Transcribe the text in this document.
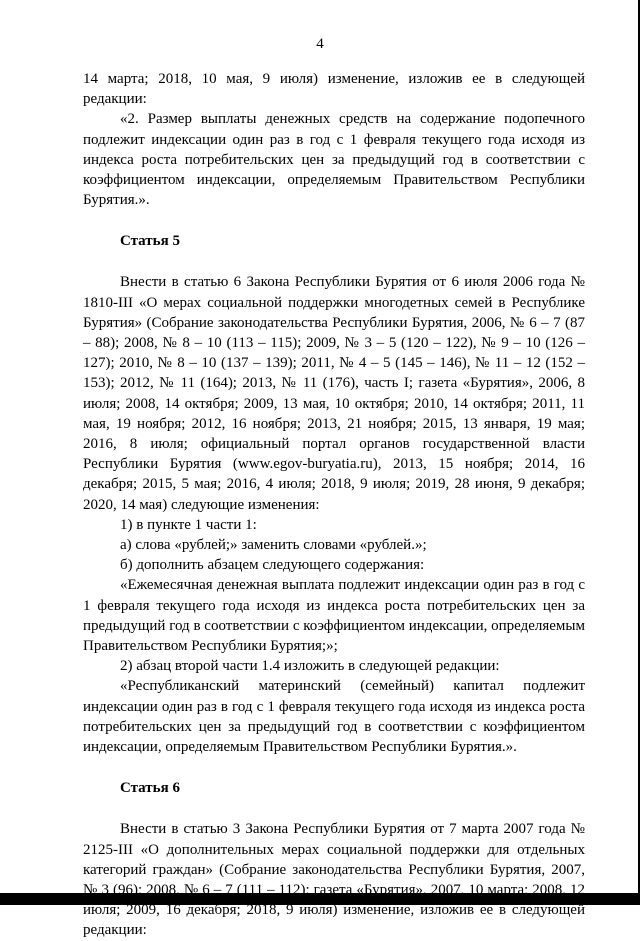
4

14 марта; 2018, 10 мая, 9 июля) изменение, изложив ее в следующей редакции:

«2. Размер выплаты денежных средств на содержание подопечного подлежит индексации один раз в год с 1 февраля текущего года исходя из индекса роста потребительских цен за предыдущий год в соответствии с коэффициентом индексации, определяемым Правительством Республики Бурятия.».

Статья 5

Внести в статью 6 Закона Республики Бурятия от 6 июля 2006 года № 1810-III «О мерах социальной поддержки многодетных семей в Республике Бурятия» (Собрание законодательства Республики Бурятия, 2006, № 6 – 7 (87 – 88); 2008, № 8 – 10 (113 – 115); 2009, № 3 – 5 (120 – 122), № 9 – 10 (126 – 127); 2010, № 8 – 10 (137 – 139); 2011, № 4 – 5 (145 – 146), № 11 – 12 (152 – 153); 2012, № 11 (164); 2013, № 11 (176), часть I; газета «Бурятия», 2006, 8 июля; 2008, 14 октября; 2009, 13 мая, 10 октября; 2010, 14 октября; 2011, 11 мая, 19 ноября; 2012, 16 ноября; 2013, 21 ноября; 2015, 13 января, 19 мая; 2016, 8 июля; официальный портал органов государственной власти Республики Бурятия (www.egov-buryatia.ru), 2013, 15 ноября; 2014, 16 декабря; 2015, 5 мая; 2016, 4 июля; 2018, 9 июля; 2019, 28 июня, 9 декабря; 2020, 14 мая) следующие изменения:

1) в пункте 1 части 1:

а) слова «рублей;» заменить словами «рублей.»;

б) дополнить абзацем следующего содержания:

«Ежемесячная денежная выплата подлежит индексации один раз в год с 1 февраля текущего года исходя из индекса роста потребительских цен за предыдущий год в соответствии с коэффициентом индексации, определяемым Правительством Республики Бурятия;»;

2) абзац второй части 1.4 изложить в следующей редакции:

«Республиканский материнский (семейный) капитал подлежит индексации один раз в год с 1 февраля текущего года исходя из индекса роста потребительских цен за предыдущий год в соответствии с коэффициентом индексации, определяемым Правительством Республики Бурятия.».

Статья 6

Внести в статью 3 Закона Республики Бурятия от 7 марта 2007 года № 2125-III «О дополнительных мерах социальной поддержки для отдельных категорий граждан» (Собрание законодательства Республики Бурятия, 2007, № 3 (96); 2008, № 6 – 7 (111 – 112); газета «Бурятия», 2007, 10 марта; 2008, 12 июля; 2009, 16 декабря; 2018, 9 июля) изменение, изложив ее в следующей редакции:
